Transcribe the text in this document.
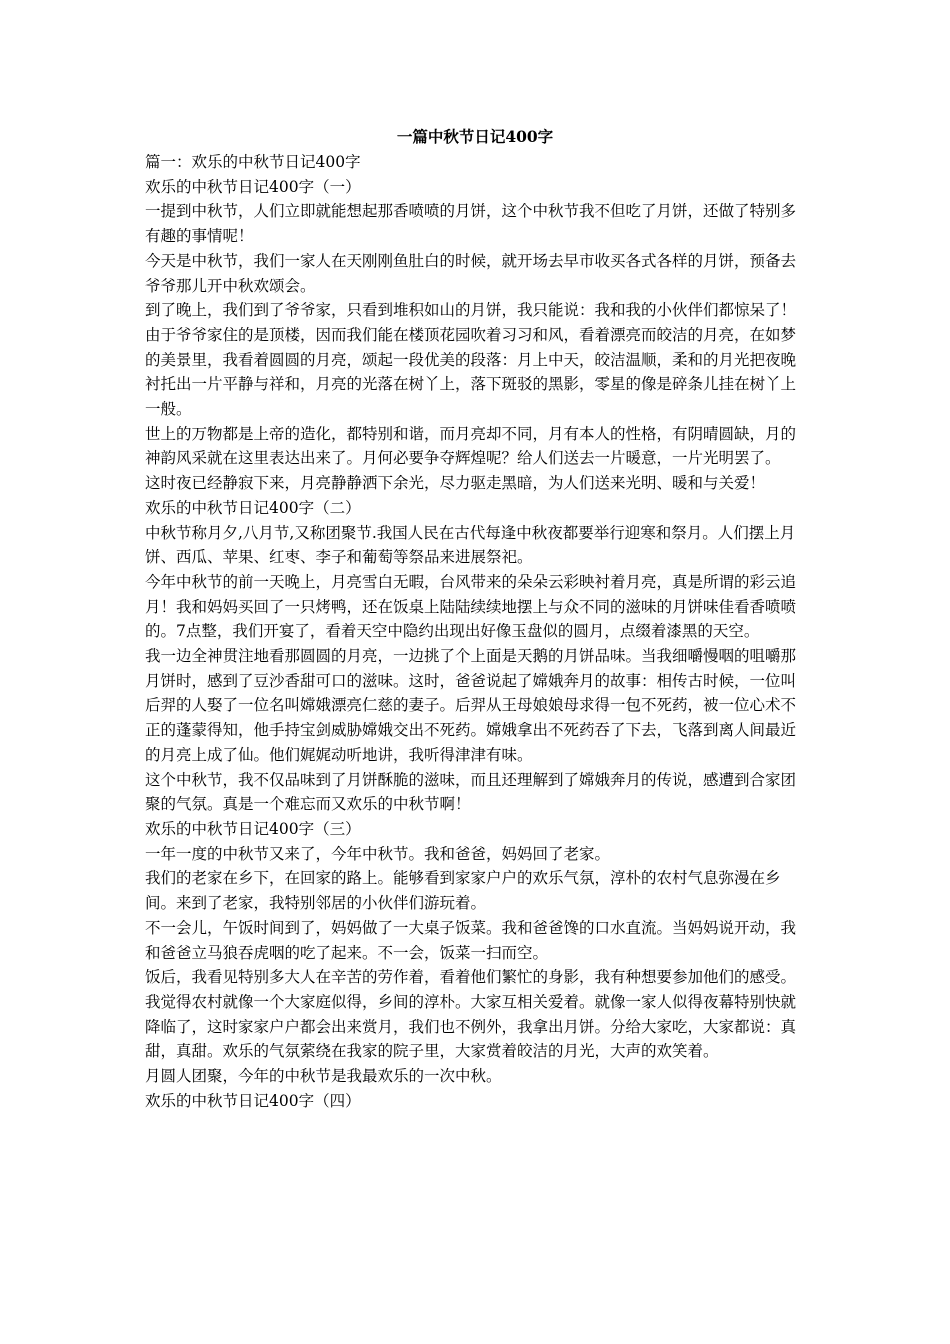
一篇中秋节日记400字

篇一：欢乐的中秋节日记400字

欢乐的中秋节日记400字（一）

一提到中秋节，人们立即就能想起那香喷喷的月饼，这个中秋节我不但吃了月饼，还做了特别多有趣的事情呢！

今天是中秋节，我们一家人在天刚刚鱼肚白的时候，就开场去早市收买各式各样的月饼，预备去爷爷那儿开中秋欢颂会。

到了晚上，我们到了爷爷家，只看到堆积如山的月饼，我只能说：我和我的小伙伴们都惊呆了！

由于爷爷家住的是顶楼，因而我们能在楼顶花园吹着习习和风，看着漂亮而皎洁的月亮，在如梦的美景里，我看着圆圆的月亮，颂起一段优美的段落：月上中天，皎洁温顺，柔和的月光把夜晚衬托出一片平静与祥和，月亮的光落在树丫上，落下斑驳的黑影，零星的像是碎条儿挂在树丫上一般。

世上的万物都是上帝的造化，都特别和谐，而月亮却不同，月有本人的性格，有阴晴圆缺，月的神韵风采就在这里表达出来了。月何必要争夺辉煌呢？给人们送去一片暖意，一片光明罢了。

这时夜已经静寂下来，月亮静静洒下余光，尽力驱走黑暗，为人们送来光明、暖和与关爱！

欢乐的中秋节日记400字（二）

中秋节称月夕,八月节,又称团聚节.我国人民在古代每逢中秋夜都要举行迎寒和祭月。人们摆上月饼、西瓜、苹果、红枣、李子和葡萄等祭品来进展祭祀。

今年中秋节的前一天晚上，月亮雪白无暇，台风带来的朵朵云彩映衬着月亮，真是所谓的彩云追月！我和妈妈买回了一只烤鸭，还在饭桌上陆陆续续地摆上与众不同的滋味的月饼味佳看香喷喷的。7点整，我们开宴了，看着天空中隐约出现出好像玉盘似的圆月，点缀着漆黑的天空。

我一边全神贯注地看那圆圆的月亮，一边挑了个上面是天鹅的月饼品味。当我细嚼慢咽的咀嚼那月饼时，感到了豆沙香甜可口的滋味。这时，爸爸说起了嫦娥奔月的故事：相传古时候，一位叫后羿的人娶了一位名叫嫦娥漂亮仁慈的妻子。后羿从王母娘娘母求得一包不死药，被一位心术不正的蓬蒙得知，他手持宝剑威胁嫦娥交出不死药。嫦娥拿出不死药吞了下去，飞落到离人间最近的月亮上成了仙。他们娓娓动听地讲，我听得津津有味。

这个中秋节，我不仅品味到了月饼酥脆的滋味，而且还理解到了嫦娥奔月的传说，感遭到合家团聚的气氛。真是一个难忘而又欢乐的中秋节啊！

欢乐的中秋节日记400字（三）

一年一度的中秋节又来了，今年中秋节。我和爸爸，妈妈回了老家。

我们的老家在乡下，在回家的路上。能够看到家家户户的欢乐气氛，淳朴的农村气息弥漫在乡间。来到了老家，我特别邻居的小伙伴们游玩着。

不一会儿，午饭时间到了，妈妈做了一大桌子饭菜。我和爸爸馋的口水直流。当妈妈说开动，我和爸爸立马狼吞虎咽的吃了起来。不一会，饭菜一扫而空。

饭后，我看见特别多大人在辛苦的劳作着，看着他们繁忙的身影，我有种想要参加他们的感受。我觉得农村就像一个大家庭似得，乡间的淳朴。大家互相关爱着。就像一家人似得夜幕特别快就降临了，这时家家户户都会出来赏月，我们也不例外，我拿出月饼。分给大家吃，大家都说：真甜，真甜。欢乐的气氛萦绕在我家的院子里，大家赏着皎洁的月光，大声的欢笑着。

月圆人团聚，今年的中秋节是我最欢乐的一次中秋。

欢乐的中秋节日记400字（四）
